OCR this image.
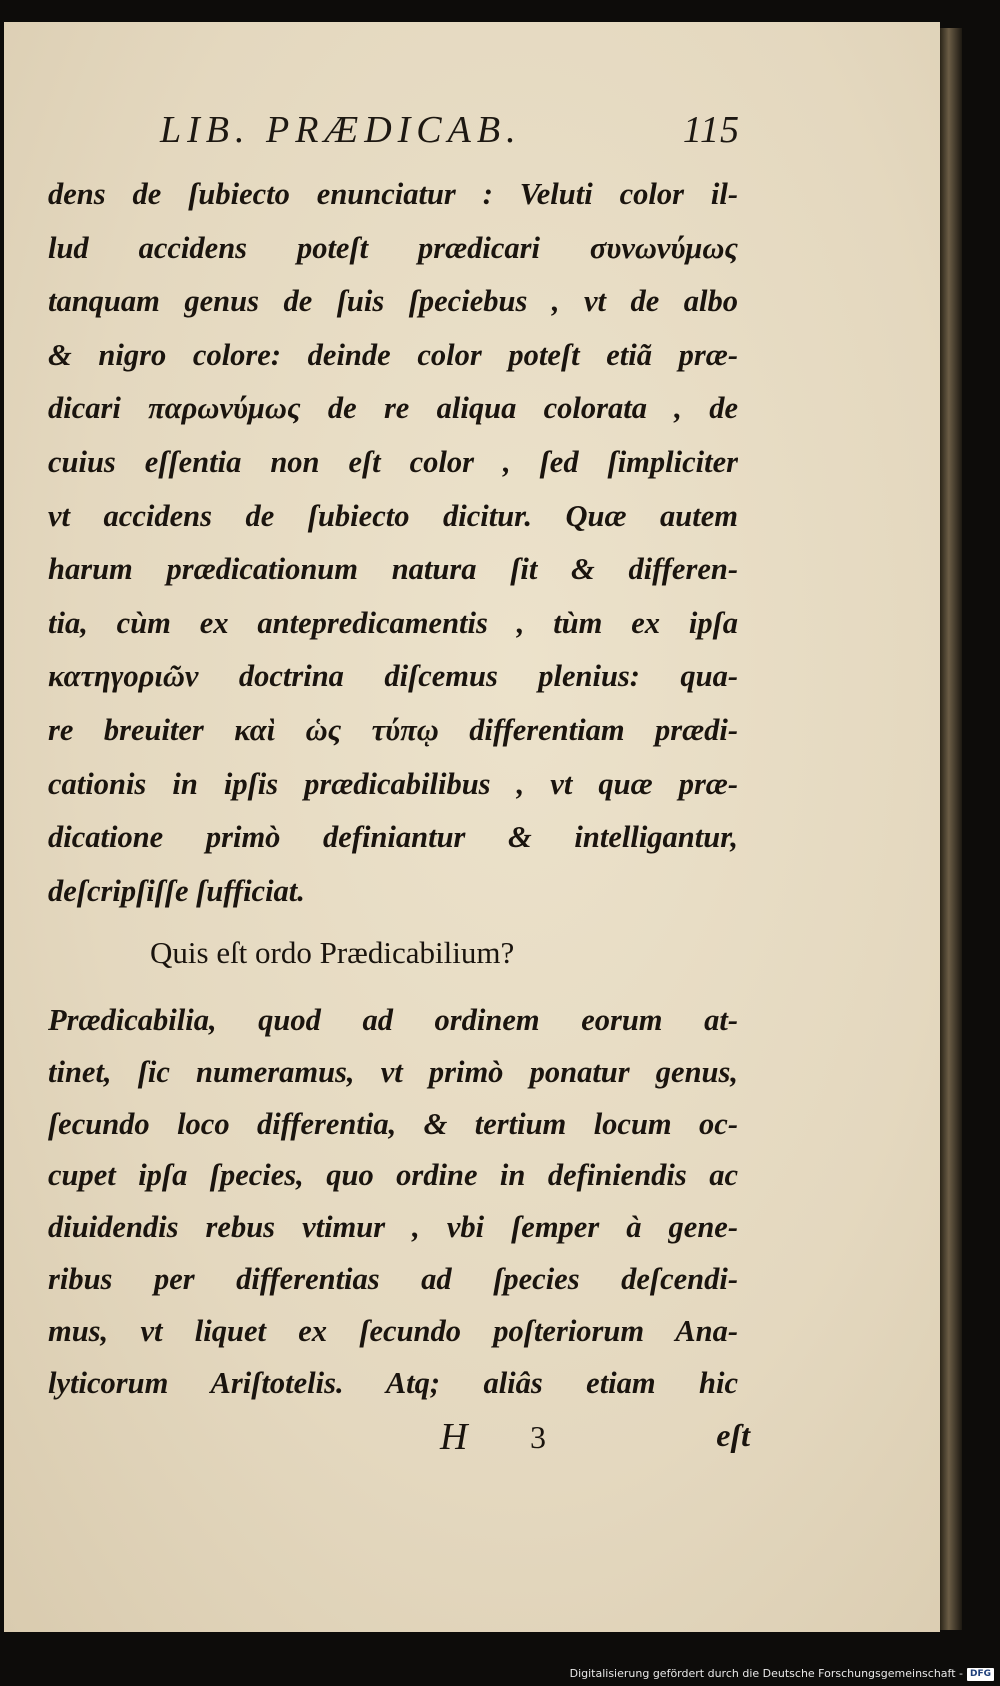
LIB. PRÆDICAB.	115
dens de ſubiecto enunciatur : Veluti color il-
lud accidens poteſt prædicari συνωνύμως
tanquam genus de ſuis ſpeciebus , vt de albo
& nigro colore: deinde color poteſt etiã præ-
dicari παρωνύμως de re aliqua colorata , de
cuius eſſentia non eſt color , ſed ſimpliciter
vt accidens de ſubiecto dicitur. Quæ autem
harum prædicationum natura ſit & differen-
tia, cùm ex antepredicamentis , tùm ex ipſa
κατηγοριῶν doctrina diſcemus plenius: qua-
re breuiter καὶ ὡς τύπῳ differentiam prædi-
cationis in ipſis prædicabilibus , vt quæ præ-
dicatione primò definiantur & intelligantur,
deſcripſiſſe ſufficiat.
Quis eſt ordo Prædicabilium?
Prædicabilia, quod ad ordinem eorum at-
tinet, ſic numeramus, vt primò ponatur genus,
ſecundo loco differentia, & tertium locum oc-
cupet ipſa ſpecies, quo ordine in definiendis ac
diuidendis rebus vtimur , vbi ſemper à gene-
ribus per differentias ad ſpecies deſcendi-
mus, vt liquet ex ſecundo poſteriorum Ana-
lyticorum Ariſtotelis. Atq; aliâs etiam hic
H 3	eſt
Digitalisierung gefördert durch die Deutsche Forschungsgemeinschaft - DFG
